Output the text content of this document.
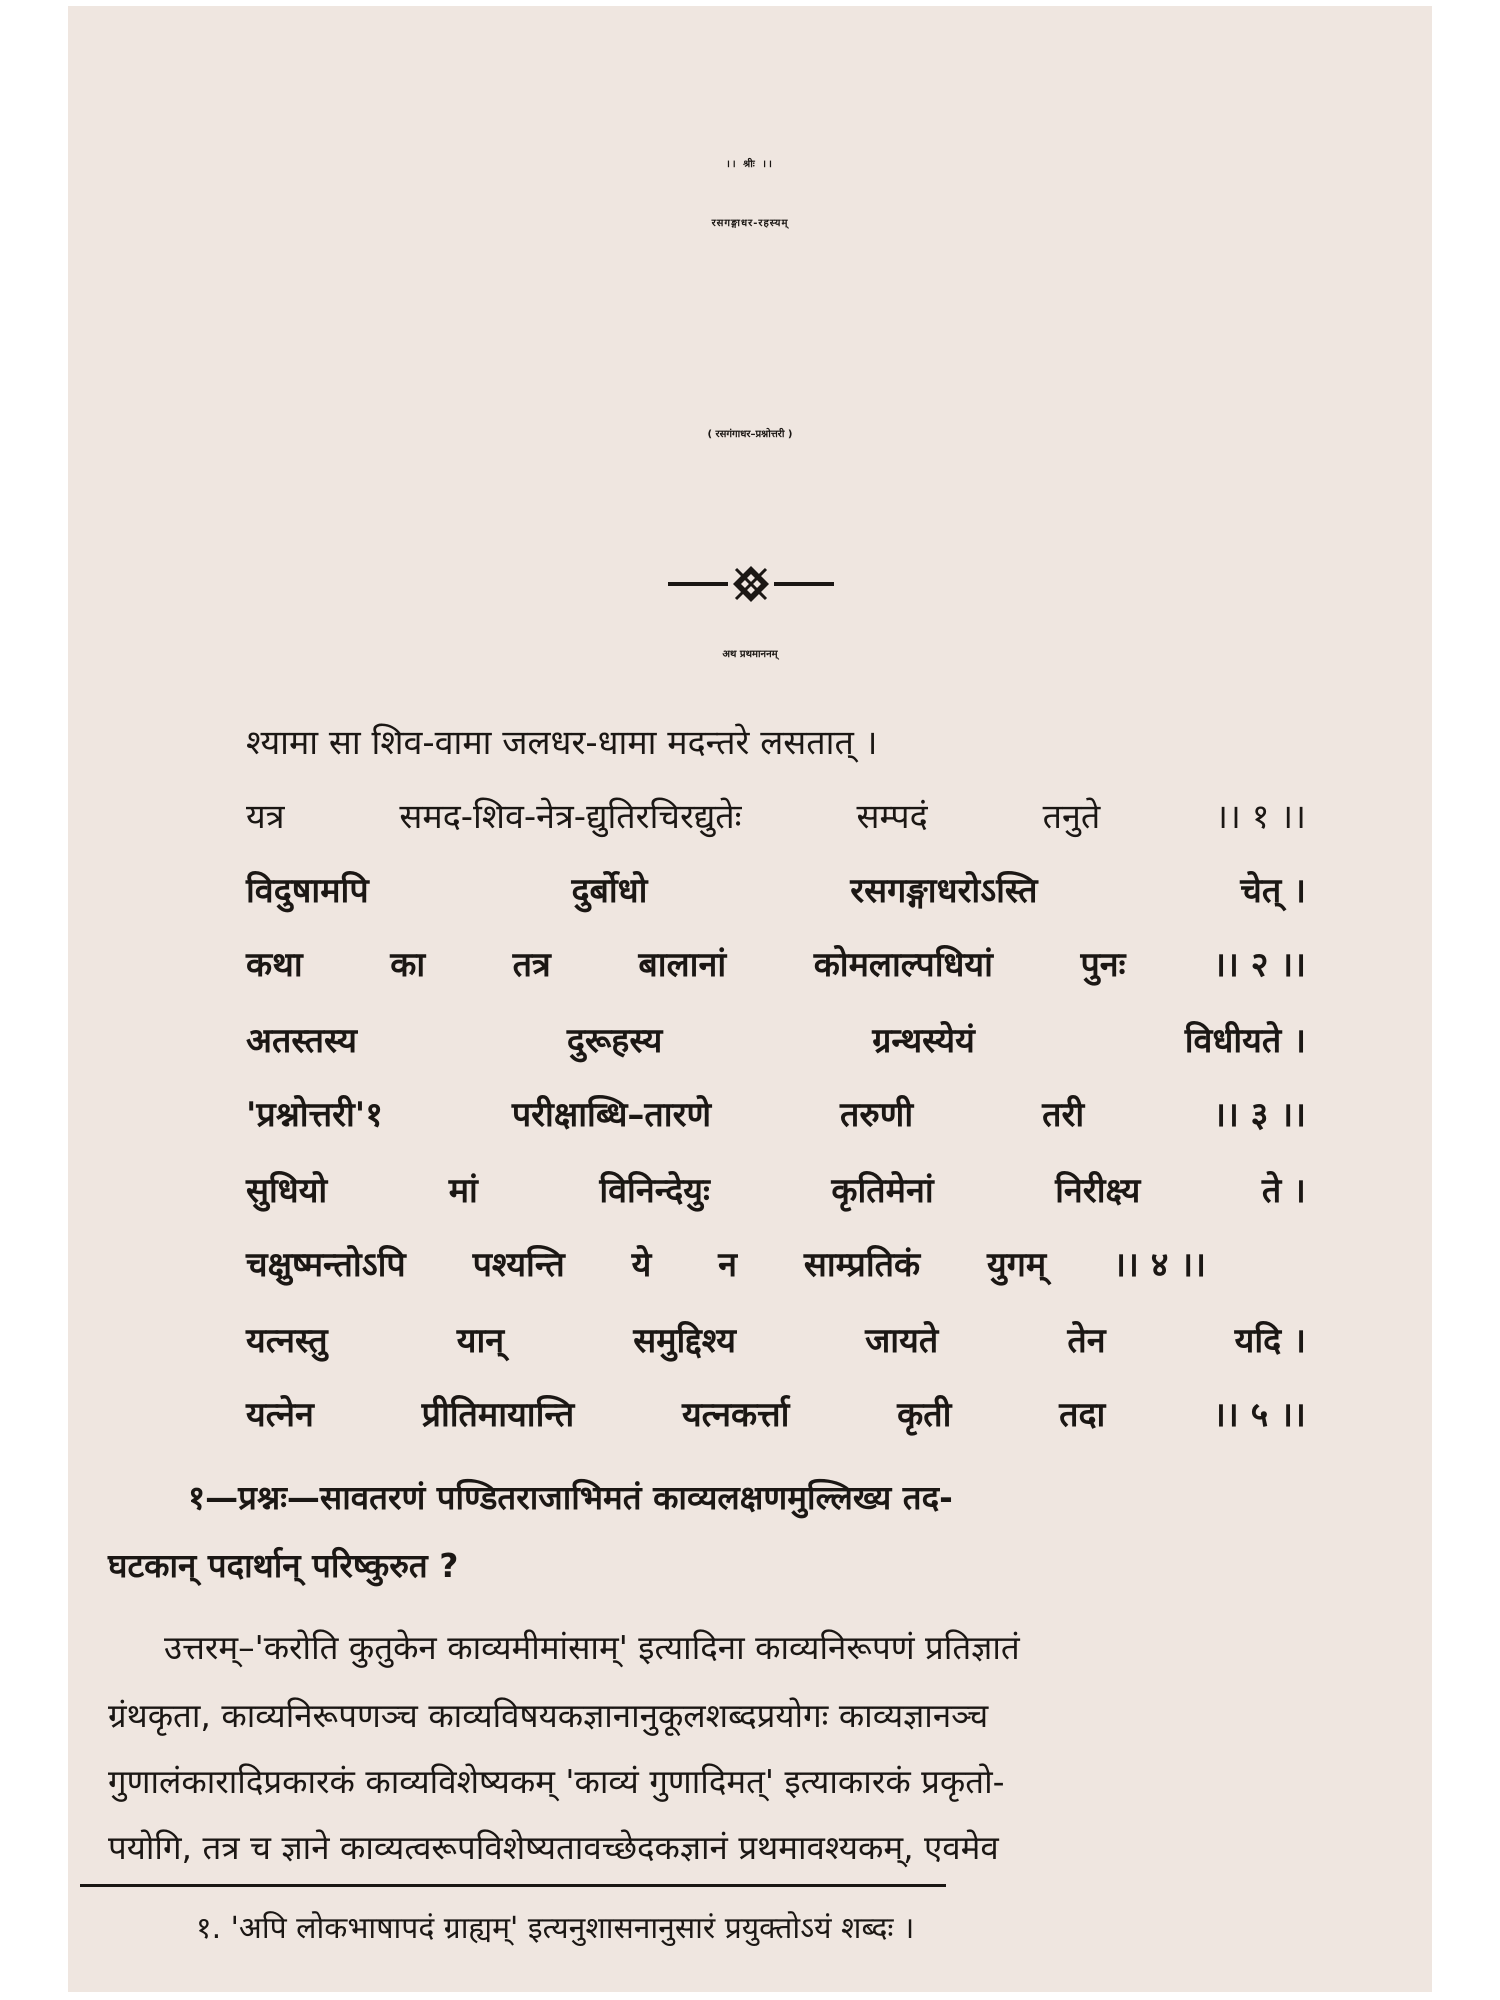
।। श्रीः ।।
रसगङ्गाधर-रहस्यम्
( रसगंगाधर–प्रश्नोत्तरी )
अथ प्रथमाननम्
श्यामा सा शिव-वामा जलधर-धामा मदन्तरे लसतात् ।
यत्र	समद-शिव-नेत्र-द्युतिरचिरद्युतेः	सम्पदं	तनुते	।। १ ।।
विदुषामपि	दुर्बोधो	रसगङ्गाधरोऽस्ति	चेत् ।
कथा	का	तत्र	बालानां	कोमलाल्पधियां	पुनः	।। २ ।।
अतस्तस्य	दुरूहस्य	ग्रन्थस्येयं	विधीयते ।
'प्रश्नोत्तरी'१	परीक्षाब्धि–तारणे	तरुणी	तरी	।। ३ ।।
सुधियो	मां	विनिन्देयुः	कृतिमेनां	निरीक्ष्य	ते ।
चक्षुष्मन्तोऽपि पश्यन्ति ये न साम्प्रतिकं युगम् ।। ४ ।।
यत्नस्तु	यान्	समुद्दिश्य	जायते	तेन	यदि ।
यत्नेन	प्रीतिमायान्ति	यत्नकर्त्ता	कृती	तदा	।। ५ ।।
१—प्रश्नः—सावतरणं पण्डितराजाभिमतं काव्यलक्षणमुल्लिख्य तद-
घटकान् पदार्थान् परिष्कुरुत ?
उत्तरम्–'करोति कुतुकेन काव्यमीमांसाम्' इत्यादिना काव्यनिरूपणं प्रतिज्ञातं
ग्रंथकृता, काव्यनिरूपणञ्च काव्यविषयकज्ञानानुकूलशब्दप्रयोगः काव्यज्ञानञ्च
गुणालंकारादिप्रकारकं काव्यविशेष्यकम् 'काव्यं गुणादिमत्' इत्याकारकं प्रकृतो-
पयोगि, तत्र च ज्ञाने काव्यत्वरूपविशेष्यतावच्छेदकज्ञानं प्रथमावश्यकम्, एवमेव
१. 'अपि लोकभाषापदं ग्राह्यम्' इत्यनुशासनानुसारं प्रयुक्तोऽयं शब्दः ।
